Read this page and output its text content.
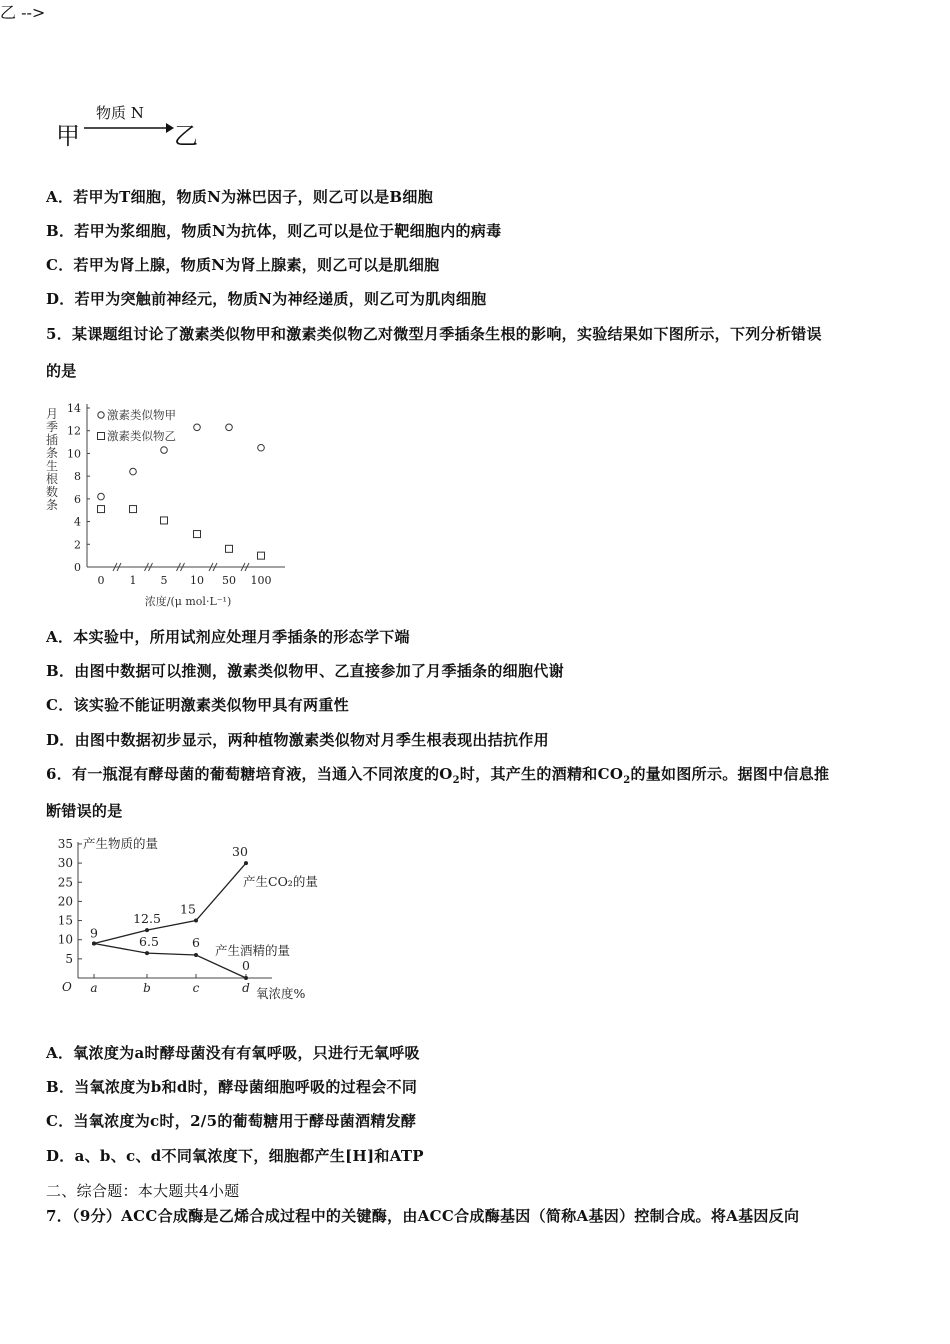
乙 -->
甲
物质 N
乙
A．若甲为T细胞，物质N为淋巴因子，则乙可以是B细胞
B．若甲为浆细胞，物质N为抗体，则乙可以是位于靶细胞内的病毒
C．若甲为肾上腺，物质N为肾上腺素，则乙可以是肌细胞
D．若甲为突触前神经元，物质N为神经递质，则乙可为肌肉细胞
5．某课题组讨论了激素类似物甲和激素类似物乙对微型月季插条生根的影响，实验结果如下图所示，下列分析错误
的是
月
季
插
条
生
根
数
条
0
2
4
6
8
10
12
14
0 1 5 10 50 100
浓度/(μ mol·L⁻¹)
激素类似物甲
激素类似物乙
A．本实验中，所用试剂应处理月季插条的形态学下端
B．由图中数据可以推测，激素类似物甲、乙直接参加了月季插条的细胞代谢
C．该实验不能证明激素类似物甲具有两重性
D．由图中数据初步显示，两种植物激素类似物对月季生根表现出拮抗作用
6．有一瓶混有酵母菌的葡萄糖培育液，当通入不同浓度的$O_2$时，其产生的酒精和$CO_2$的量如图所示。据图中信息推
断错误的是
5
10
15
20
25
30
35 产生物质的量
O a	b	c	d 氧浓度%
9
12.5
15
30
6.5	6
0
产生CO₂的量
产生酒精的量
A．氧浓度为a时酵母菌没有有氧呼吸，只进行无氧呼吸
B．当氧浓度为b和d时，酵母菌细胞呼吸的过程会不同
C．当氧浓度为c时，2/5的葡萄糖用于酵母菌酒精发酵
D．a、b、c、d不同氧浓度下，细胞都产生[H]和ATP
二、综合题：本大题共4小题
7．（9分）ACC合成酶是乙烯合成过程中的关键酶，由ACC合成酶基因（简称A基因）控制合成。将A基因反向
